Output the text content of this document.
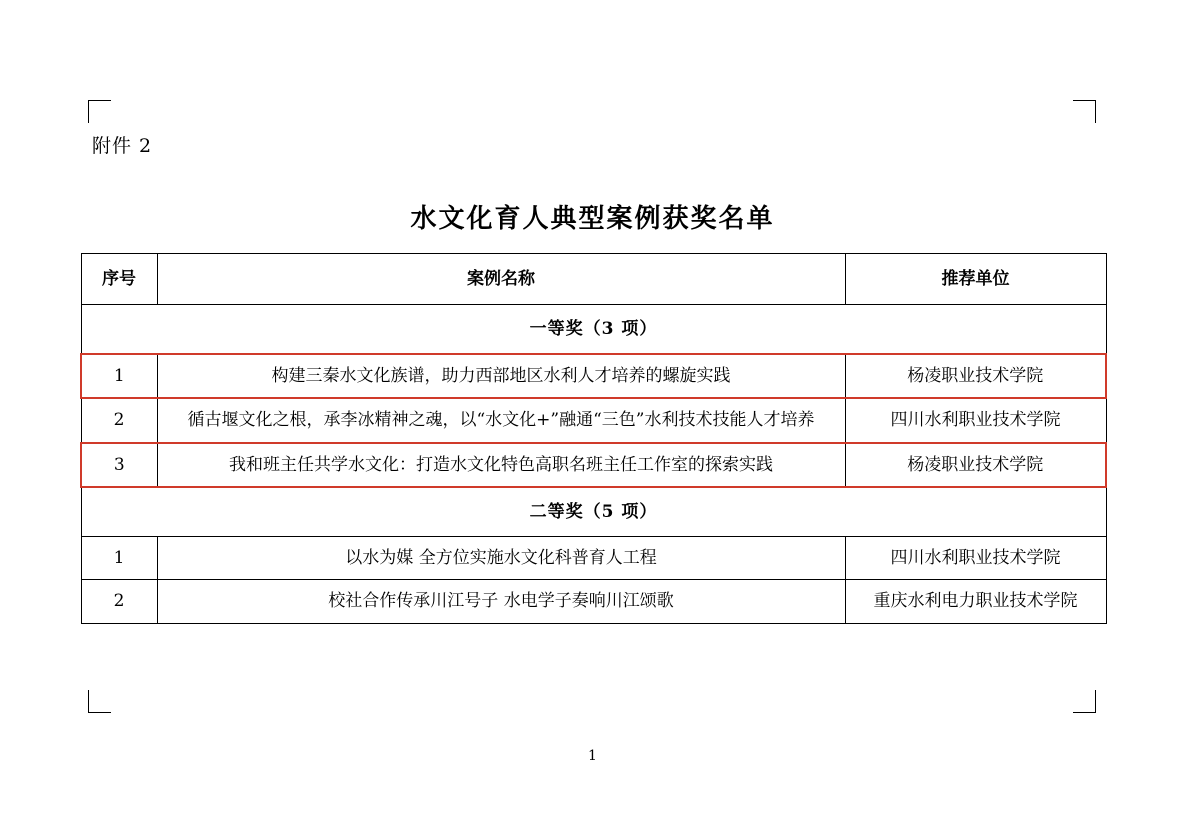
附件 2
水文化育人典型案例获奖名单
序号	案例名称	推荐单位
一等奖（3 项）		
1	构建三秦水文化族谱，助力西部地区水利人才培养的螺旋实践	杨凌职业技术学院
2	循古堰文化之根，承李冰精神之魂，以“水文化+”融通“三色”水利技术技能人才培养	四川水利职业技术学院
3	我和班主任共学水文化：打造水文化特色高职名班主任工作室的探索实践	杨凌职业技术学院
二等奖（5 项）		
1	以水为媒 全方位实施水文化科普育人工程	四川水利职业技术学院
2	校社合作传承川江号子 水电学子奏响川江颂歌	重庆水利电力职业技术学院
1
